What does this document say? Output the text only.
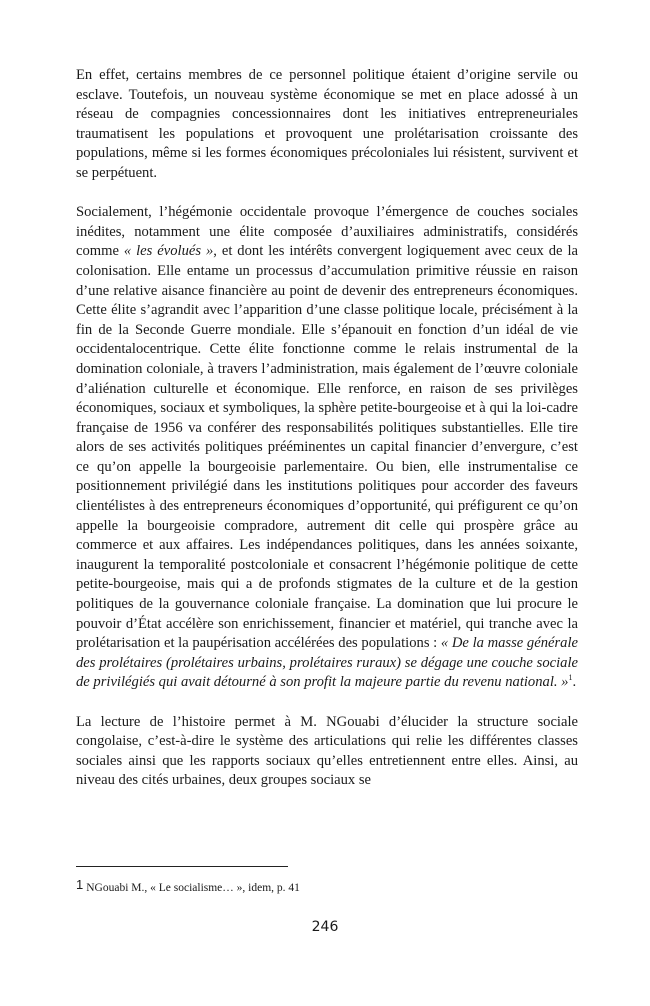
En effet, certains membres de ce personnel politique étaient d’origine servile ou esclave. Toutefois, un nouveau système économique se met en place adossé à un réseau de compagnies concessionnaires dont les initiatives entrepreneuriales traumatisent les populations et provoquent une prolétarisation croissante des populations, même si les formes économiques précoloniales lui résistent, survivent et se perpétuent.

Socialement, l’hégémonie occidentale provoque l’émergence de couches sociales inédites, notamment une élite composée d’auxiliaires administratifs, considérés comme « les évolués », et dont les intérêts convergent logiquement avec ceux de la colonisation. Elle entame un processus d’accumulation primitive réussie en raison d’une relative aisance financière au point de devenir des entrepreneurs économiques. Cette élite s’agrandit avec l’apparition d’une classe politique locale, précisément à la fin de la Seconde Guerre mondiale. Elle s’épanouit en fonction d’un idéal de vie occidentalocentrique. Cette élite fonctionne comme le relais instrumental de la domination coloniale, à travers l’administration, mais également de l’œuvre coloniale d’aliénation culturelle et économique. Elle renforce, en raison de ses privilèges économiques, sociaux et symboliques, la sphère petite-bourgeoise et à qui la loi-cadre française de 1956 va conférer des responsabilités politiques substantielles. Elle tire alors de ses activités politiques prééminentes un capital financier d’envergure, c’est ce qu’on appelle la bourgeoisie parlementaire. Ou bien, elle instrumentalise ce positionnement privilégié dans les institutions politiques pour accorder des faveurs clientélistes à des entrepreneurs économiques d’opportunité, qui préfigurent ce qu’on appelle la bourgeoisie compradore, autrement dit celle qui prospère grâce au commerce et aux affaires. Les indépendances politiques, dans les années soixante, inaugurent la temporalité postcoloniale et consacrent l’hégémonie politique de cette petite-bourgeoise, mais qui a de profonds stigmates de la culture et de la gestion politiques de la gouvernance coloniale française. La domination que lui procure le pouvoir d’État accélère son enrichissement, financier et matériel, qui tranche avec la prolétarisation et la paupérisation accélérées des populations : « De la masse générale des prolétaires (prolétaires urbains, prolétaires ruraux) se dégage une couche sociale de privilégiés qui avait détourné à son profit la majeure partie du revenu national. »$^1$.

La lecture de l’histoire permet à M. NGouabi d’élucider la structure sociale congolaise, c’est-à-dire le système des articulations qui relie les différentes classes sociales ainsi que les rapports sociaux qu’elles entretiennent entre elles. Ainsi, au niveau des cités urbaines, deux groupes sociaux se

1 NGouabi M., « Le socialisme… », idem, p. 41
246
